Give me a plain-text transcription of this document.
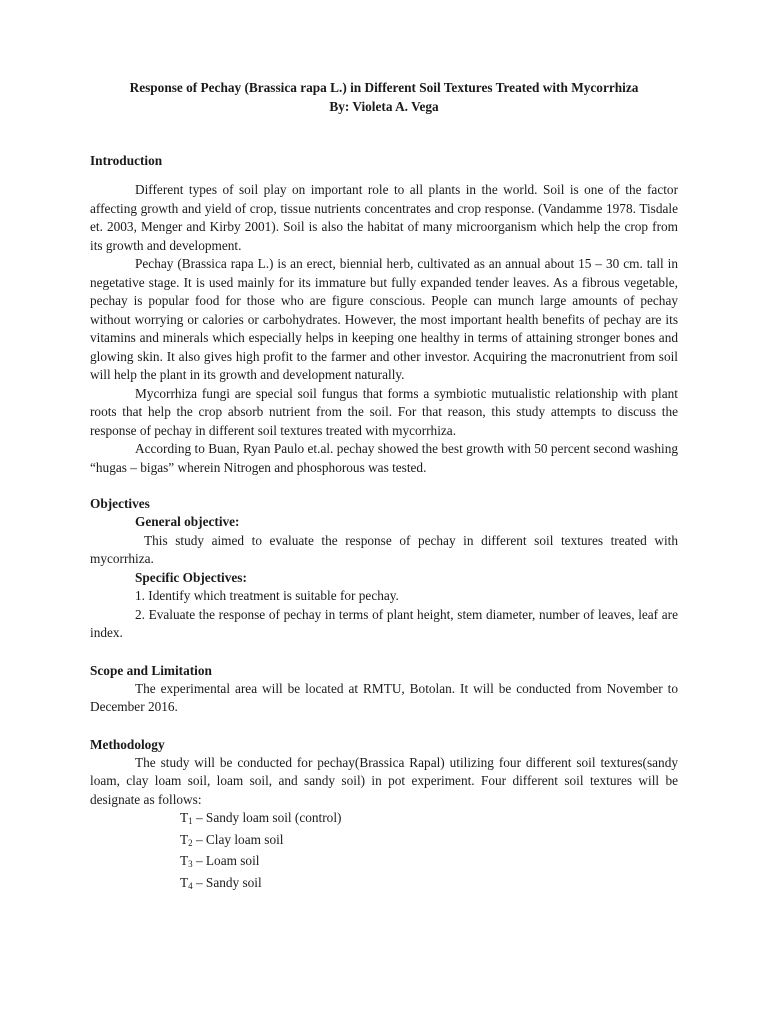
Response of Pechay (Brassica rapa L.) in Different Soil Textures Treated with Mycorrhiza
By: Violeta A. Vega
Introduction

Different types of soil play on important role to all plants in the world. Soil is one of the factor affecting growth and yield of crop, tissue nutrients concentrates and crop response. (Vandamme 1978. Tisdale et. 2003, Menger and Kirby 2001). Soil is also the habitat of many microorganism which help the crop from its growth and development.

Pechay (Brassica rapa L.) is an erect, biennial herb, cultivated as an annual about 15 – 30 cm. tall in negetative stage. It is used mainly for its immature but fully expanded tender leaves. As a fibrous vegetable, pechay is popular food for those who are figure conscious. People can munch large amounts of pechay without worrying or calories or carbohydrates. However, the most important health benefits of pechay are its vitamins and minerals which especially helps in keeping one healthy in terms of attaining stronger bones and glowing skin. It also gives high profit to the farmer and other investor. Acquiring the macronutrient from soil will help the plant in its growth and development naturally.

Mycorrhiza fungi are special soil fungus that forms a symbiotic mutualistic relationship with plant roots that help the crop absorb nutrient from the soil. For that reason, this study attempts to discuss the response of pechay in different soil textures treated with mycorrhiza.

According to Buan, Ryan Paulo et.al. pechay showed the best growth with 50 percent second washing “hugas – bigas” wherein Nitrogen and phosphorous was tested.

Objectives
General objective:

This study aimed to evaluate the response of pechay in different soil textures treated with mycorrhiza.

Specific Objectives:
1. Identify which treatment is suitable for pechay.

2. Evaluate the response of pechay in terms of plant height, stem diameter, number of leaves, leaf are index.

Scope and Limitation

The experimental area will be located at RMTU, Botolan. It will be conducted from November to December 2016.

Methodology

The study will be conducted for pechay(Brassica Rapal) utilizing four different soil textures(sandy loam, clay loam soil, loam soil, and sandy soil) in pot experiment. Four different soil textures will be designate as follows:

$T_1$ – Sandy loam soil (control)
$T_2$ – Clay loam soil
$T_3$ – Loam soil
$T_4$ – Sandy soil
